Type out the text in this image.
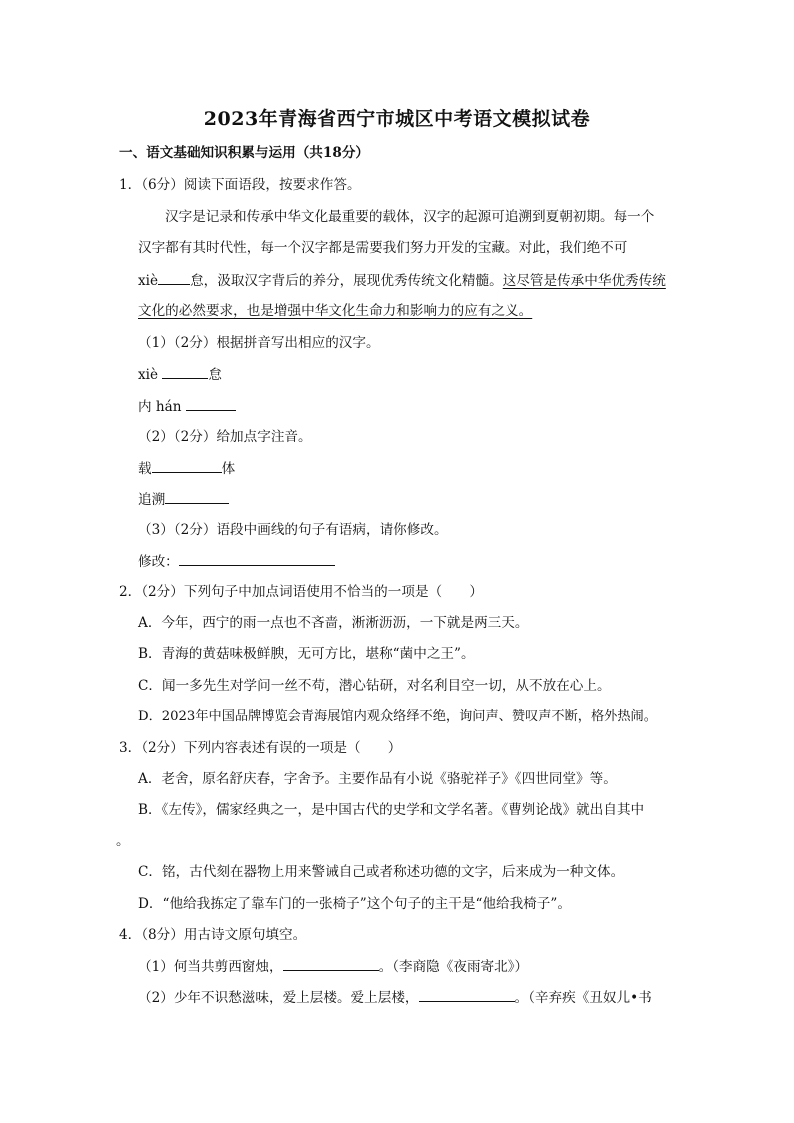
2023年青海省西宁市城区中考语文模拟试卷
一、语文基础知识积累与运用（共18分）
1．（6分）阅读下面语段，按要求作答。
汉字是记录和传承中华文化最重要的载体，汉字的起源可追溯到夏朝初期。每一个
汉字都有其时代性，每一个汉字都是需要我们努力开发的宝藏。对此，我们绝不可
xiè 怠，汲取汉字背后的养分，展现优秀传统文化精髓。这尽管是传承中华优秀传统
文化的必然要求，也是增强中华文化生命力和影响力的应有之义。
（1）（2分）根据拼音写出相应的汉字。
xiè	怠
内 hán
（2）（2分）给加点字注音。
载	体
追溯
（3）（2分）语段中画线的句子有语病，请你修改。
修改：
2．（2分）下列句子中加点词语使用不恰当的一项是（　　）
A．今年，西宁的雨一点也不吝啬，淅淅沥沥，一下就是两三天。
B．青海的黄菇味极鲜腴，无可方比，堪称“菌中之王”。
C．闻一多先生对学问一丝不苟，潜心钻研，对名利目空一切，从不放在心上。
D．2023年中国品牌博览会青海展馆内观众络绎不绝，询问声、赞叹声不断，格外热闹。
3．（2分）下列内容表述有误的一项是（　　）
A．老舍，原名舒庆春，字舍予。主要作品有小说《骆驼祥子》《四世同堂》等。
B．《左传》，儒家经典之一，是中国古代的史学和文学名著。《曹刿论战》就出自其中
。
C．铭，古代刻在器物上用来警诫自己或者称述功德的文字，后来成为一种文体。
D．“他给我拣定了靠车门的一张椅子”这个句子的主干是“他给我椅子”。
4．（8分）用古诗文原句填空。
（1）何当共剪西窗烛，	。（李商隐《夜雨寄北》）
（2）少年不识愁滋味，爱上层楼。爱上层楼，	。（辛弃疾《丑奴儿•书
